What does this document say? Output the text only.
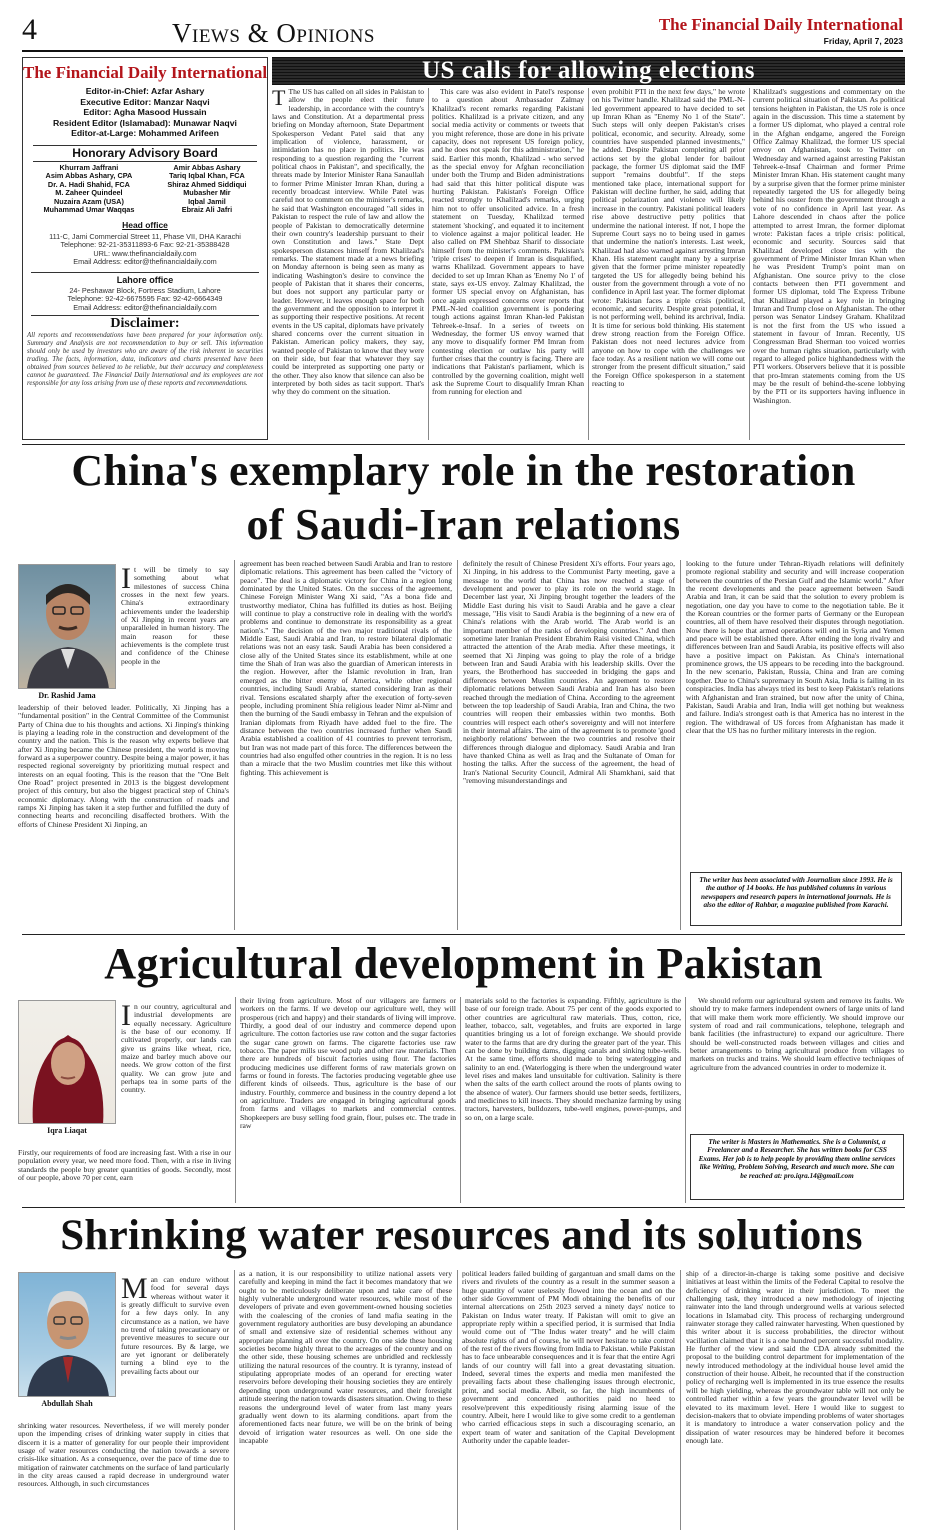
4	Views & Opinions	The Financial Daily International
Friday, April 7, 2023
The Financial Daily International
Editor-in-Chief: Azfar Ashary
Executive Editor: Manzar Naqvi
Editor: Agha Masood Hussain
Resident Editor (Islamabad): Munawar Naqvi
Editor-at-Large: Mohammed Arifeen
Honorary Advisory Board
Khurram Jaffrani
Asim Abbas Ashary, CPA
Dr. A. Hadi Shahid, FCA
M. Zaheer Quindeel
Nuzaira Azam (USA)
Muhammad Umar Waqqas
Amir Abbas Ashary
Tariq Iqbal Khan, FCA
Shiraz Ahmed Siddiqui
Mubasher Mir
Iqbal Jamil
Ebraiz Ali Jafri
Head office
111-C, Jami Commercial Street 11, Phase VII, DHA Karachi
Telephone: 92-21-35311893-6 Fax: 92-21-35388428
URL: www.thefinancialdaily.com
Email Address: editor@thefinancialdaily.com
Lahore office
24- Peshawar Block, Fortress Stadium, Lahore
Telephone: 92-42-6675595 Fax: 92-42-6664349
Email Address: editor@thefinancialdaily.com
Disclaimer:
All reports and recommendations have been prepared for your information only. Summary and Analysis are not recommendation to buy or sell. This information should only be used by investors who are aware of the risk inherent in securities trading. The facts, information, data, indicators and charts presented have been obtained from sources believed to be reliable, but their accuracy and completeness cannot be guaranteed. The Financial Daily International and its employees are not responsible for any loss arising from use of these reports and recommendations.
US calls for allowing elections

T The US has called on all sides in Pakistan to allow the people elect their future leadership, in accordance with the country's laws and Constitution. At a departmental press briefing on Monday afternoon, State Department Spokesperson Vedant Patel said that any implication of violence, harassment, or intimidation has no place in politics. He was responding to a question regarding the "current political chaos in Pakistan", and specifically, the threats made by Interior Minister Rana Sanaullah to former Prime Minister Imran Khan, during a recently broadcast interview. While Patel was careful not to comment on the minister's remarks, he said that Washington encouraged "all sides in Pakistan to respect the rule of law and allow the people of Pakistan to democratically determine their own country's leadership pursuant to their own Constitution and laws." State Dept spokesperson distances himself from Khalilzad's remarks. The statement made at a news briefing on Monday afternoon is being seen as many as indicating Washington's desire to convince the people of Pakistan that it shares their concerns, but does not support any particular party or leader. However, it leaves enough space for both the government and the opposition to interpret it as supporting their respective positions. At recent events in the US capital, diplomats have privately shared concerns over the current situation in Pakistan. American policy makers, they say, wanted people of Pakistan to know that they were on their side, but fear that whatever they say could be interpreted as supporting one party or the other. They also know that silence can also be interpreted by both sides as tacit support. That's why they do comment on the situation.

This care was also evident in Patel's response to a question about Ambassador Zalmay Khalilzad's recent remarks regarding Pakistani politics. Khalilzad is a private citizen, and any social media activity or comments or tweets that you might reference, those are done in his private capacity, does not represent US foreign policy, and he does not speak for this administration," he said. Earlier this month, Khalilzad - who served as the special envoy for Afghan reconciliation under both the Trump and Biden administrations had said that this hitter political dispute was hurting Pakistan. Pakistan's Foreign Office reacted strongly to Khalilzad's remarks, urging him not to offer unsolicited advice. In a fresh statement on Tuesday, Khalilzad termed statement 'shocking', and equated it to incitement to violence against a major political leader. He also called on PM Shehbaz Sharif to dissociate himself from the minister's comments. Pakistan's 'triple crises' to deepen if Imran is disqualified, warns Khalilzad. Government appears to have decided to set up Imran Khan as 'Enemy No 1' of state, says ex-US envoy. Zalmay Khalilzad, the former US special envoy on Afghanistan, has once again expressed concerns over reports that PML-N-led coalition government is pondering tough actions against Imran Khan-led Pakistan Tehreek-e-Insaf. In a series of tweets on Wednesday, the former US envoy warned that any move to disqualify former PM Imran from contesting election or outlaw his party will further crises that the country is facing. There are indications that Pakistan's parliament, which is controlled by the governing coalition, might well ask the Supreme Court to disqualify Imran Khan from running for election and

even prohibit PTI in the next few days," he wrote on his Twitter handle. Khalilzad said the PML-N-led government appeared to have decided to set up Imran Khan as "Enemy No 1 of the State". Such steps will only deepen Pakistan's crises political, economic, and security. Already, some countries have suspended planned investments," he added. Despite Pakistan completing all prior actions set by the global lender for bailout package, the former US diplomat said the IMF support "remains doubtful". If the steps mentioned take place, international support for Pakistan will decline further, he said, adding that political polarization and violence will likely increase in the country. Pakistani political leaders rise above destructive petty politics that undermine the national interest. If not, I hope the Supreme Court says no to being used in games that undermine the nation's interests. Last week, Khalilzad had also warned against arresting Imran Khan. His statement caught many by a surprise given that the former prime minister repeatedly targeted the US for allegedly being behind his ouster from the government through a vote of no confidence in April last year. The former diplomat wrote: Pakistan faces a triple crisis (political, economic, and security. Despite great potential, it is not performing well, behind its archrival, India. It is time for serious bold thinking. His statement drew strong reaction from the Foreign Office. Pakistan does not need lectures advice from anyone on how to cope with the challenges we face today. As a resilient nation we will come out stronger from the present difficult situation," said the Foreign Office spokesperson in a statement reacting to

Khalilzad's suggestions and commentary on the current political situation of Pakistan. As political tensions heighten in Pakistan, the US role is once again in the discussion. This time a statement by a former US diplomat, who played a central role in the Afghan endgame, angered the Foreign Office Zalmay Khalilzad, the former US special envoy on Afghanistan, took to Twitter on Wednesday and warned against arresting Pakistan Tehreek-e-Insaf Chairman and former Prime Minister Imran Khan. His statement caught many by a surprise given that the former prime minister repeatedly targeted the US for allegedly being behind his ouster from the government through a vote of no confidence in April last year. As Lahore descended in chaos after the police attempted to arrest Imran, the former diplomat wrote: Pakistan faces a triple crisis: political, economic and security. Sources said that Khalilzad developed close ties with the government of Prime Minister Imran Khan when he was President Trump's point man on Afghanistan. One source privy to the close contacts between then PTI government and former US diplomat, told The Express Tribune that Khalilzad played a key role in bringing Imran and Trump close on Afghanistan. The other person was Senator Lindsey Graham. Khalilzad is not the first from the US who issued a statement in favour of Imran. Recently, US Congressman Brad Sherman too voiced worries over the human rights situation, particularly with regard to alleged police highhandedness with the PTI workers. Observers believe that it is possible that pro-Imran statements coming from the US may be the result of behind-the-scene lobbying by the PTI or its supporters having influence in Washington.

China's exemplary role in the restoration
of Saudi-Iran relations
Dr. Rashid Jama

It will be timely to say something about what milestones of success China crosses in the next few years. China's extraordinary achievements under the leadership of Xi Jinping in recent years are unparalleled in human history. The main reason for these achievements is the complete trust and confidence of the Chinese people in the

leadership of their beloved leader. Politically, Xi Jinping has a "fundamental position" in the Central Committee of the Communist Party of China due to his thoughts and actions. Xi Jinping's thinking is playing a leading role in the construction and development of the country and the nation. This is the reason why experts believe that after Xi Jinping became the Chinese president, the world is moving forward as a superpower country. Despite being a major power, it has respected regional sovereignty by prioritizing mutual respect and interests on an equal footing. This is the reason that the "One Belt One Road" project presented in 2013 is the biggest development project of this century, but also the biggest practical step of China's economic diplomacy. Along with the construction of roads and ramps Xi Jinping has taken it a step further and fulfilled the duty of connecting hearts and reconciling disaffected brothers. With the efforts of Chinese President Xi Jinping, an

agreement has been reached between Saudi Arabia and Iran to restore diplomatic relations. This agreement has been called the "victory of peace". The deal is a diplomatic victory for China in a region long dominated by the United States. On the success of the agreement, Chinese Foreign Minister Wang Xi said, "As a bona fide and trustworthy mediator, China has fulfilled its duties as host. Beijing will continue to play a constructive role in dealing with the world's problems and continue to demonstrate its responsibility as a great nation's." The decision of the two major traditional rivals of the Middle East, Saudi Arabia and Iran, to restore bilateral diplomatic relations was not an easy task. Saudi Arabia has been considered a close ally of the United States since its establishment, while at one time the Shah of Iran was also the guardian of American interests in the region. However, after the Islamic revolution in Iran, Iran emerged as the bitter enemy of America, while other regional countries, including Saudi Arabia, started considering Iran as their rival. Tensions escalated sharply after the execution of forty-seven people, including prominent Shia religious leader Nimr al-Nimr and then the burning of the Saudi embassy in Tehran and the expulsion of Iranian diplomats from Riyadh have added fuel to the fire. The distance between the two countries increased further when Saudi Arabia established a coalition of 41 countries to prevent terrorism, but Iran was not made part of this force. The differences between the countries had also engulfed other countries in the region. It is no less than a miracle that the two Muslim countries met like this without fighting. This achievement is

definitely the result of Chinese President Xi's efforts. Four years ago, Xi Jinping, in his address to the Communist Party meeting, gave a message to the world that China has now reached a stage of development and power to play its role on the world stage. In December last year, Xi Jinping brought together the leaders of the Middle East during his visit to Saudi Arabia and he gave a clear message, "His visit to Saudi Arabia is the beginning of a new era of China's relations with the Arab world. The Arab world is an important member of the ranks of developing countries." And then sometime later Iranian President Ebrahim Raisi visited China, which attracted the attention of the Arab media. After these meetings, it seemed that Xi Jinping was going to play the role of a bridge between Iran and Saudi Arabia with his leadership skills. Over the years, the Brotherhood has succeeded in bridging the gaps and differences between Muslim countries. An agreement to restore diplomatic relations between Saudi Arabia and Iran has also been reached through the mediation of China. According to the agreement between the top leadership of Saudi Arabia, Iran and China, the two countries will reopen their embassies within two months. Both countries will respect each other's sovereignty and will not interfere in their internal affairs. The aim of the agreement is to promote 'good neighborly relations' between the two countries and resolve their differences through dialogue and diplomacy. Saudi Arabia and Iran have thanked China as well as Iraq and the Sultanate of Oman for hosting the talks. After the success of the agreement, the head of Iran's National Security Council, Admiral Ali Shamkhani, said that "removing misunderstandings and

looking to the future under Tehran-Riyadh relations will definitely promote regional stability and security and will increase cooperation between the countries of the Persian Gulf and the Islamic world." After the recent developments and the peace agreement between Saudi Arabia and Iran, it can be said that the solution to every problem is negotiation, one day you have to come to the negotiation table. Be it the Korean countries or the former parts of Germany or the European countries, all of them have resolved their disputes through negotiation. Now there is hope that armed operations will end in Syria and Yemen and peace will be established there. After ending the long rivalry and differences between Iran and Saudi Arabia, its positive effects will also have a positive impact on Pakistan. As China's international prominence grows, the US appears to be receding into the background. In the new scenario, Pakistan, Russia, China and Iran are coming together. Due to China's supremacy in South Asia, India is failing in its conspiracies. India has always tried its best to keep Pakistan's relations with Afghanistan and Iran strained, but now after the unity of China, Pakistan, Saudi Arabia and Iran, India will get nothing but weakness and failure. India's strongest oath is that America has no interest in the region. The withdrawal of US forces from Afghanistan has made it clear that the US has no further military interests in the region.

The writer has been associated with Journalism since 1993. He is the author of 14 books. He has published columns in various newspapers and research papers in international journals. He is also the editor of Rahbar, a magazine published from Karachi.
Agricultural development in Pakistan
Iqra Liaqat

In our country, agricultural and industrial developments are equally necessary. Agriculture is the base of our economy. If cultivated properly, our lands can give us grains like wheat, rice, maize and barley much above our needs. We grow cotton of the first quality. We can grow jute and perhaps tea in some parts of the country.

Firstly, our requirements of food are increasing fast. With a rise in our population every year, we need more food. Then, with a rise in living standards the people buy greater quantities of goods. Secondly, most of our people, above 70 per cent, earn

their living from agriculture. Most of our villagers are farmers or workers on the farms. If we develop our agriculture well, they will prosperous (rich and happy) and their standards of living will improve. Thirdly, a good deal of our industry and commerce depend upon agriculture. The cotton factories use raw cotton and the sugar factories the sugar cane grown on farms. The cigarette factories use raw tobacco. The paper mills use wood pulp and other raw materials. Then there are hundreds of biscuit factories using flour. The factories producing medicines use different forms of raw materials grown on farms or found in forests. The factories producing vegetable ghee use different kinds of oilseeds. Thus, agriculture is the base of our industry. Fourthly, commerce and business in the country depend a lot on agriculture. Traders are engaged in bringing agricultural goods from farms and villages to markets and commercial centres. Shopkeepers are busy selling food grain, flour, pulses etc. The trade in raw

materials sold to the factories is expanding. Fifthly, agriculture is the base of our foreign trade. About 75 per cent of the goods exported to other countries are agricultural raw materials. Thus, cotton, rice, leather, tobacco, salt, vegetables, and fruits are exported in large quantities bringing us a lot of foreign exchange. We should provide water to the farms that are dry during the greater part of the year. This can be done by building dams, digging canals and sinking tube-wells. At the same time, efforts should made to bring waterlogging and salinity to an end. (Waterlogging is there when the underground water level rises and makes land unsuitable for cultivation. Salinity is there when the salts of the earth collect around the roots of plants owing to the absence of water). Our farmers should use better seeds, fertilizers, and medicines to kill insects. They should mechanize farming by using tractors, harvesters, bulldozers, tube-well engines, power-pumps, and so on, on a large scale.

We should reform our agricultural system and remove its faults. We should try to make farmers independent owners of large units of land that will make them work more efficiently. We should improve our system of road and rail communications, telephone, telegraph and bank facilities (the infrastructure) to expand our agriculture. There should be well-constructed roads between villages and cities and better arrangements to bring agricultural produce from villages to markets on trucks and trains. We should learn effective techniques of agriculture from the advanced countries in order to modernize it.

The writer is Masters in Mathematics. She is a Columnist, a Freelancer and a Researcher. She has written books for CSS Exams. Her job is to help people by providing them online services like Writing, Problem Solving, Research and much more. She can be reached at: pro.iqra.14@gmail.com
Shrinking water resources and its solutions
Abdullah Shah

Man can endure without food for several days whereas without water it is greatly difficult to survive even for a few days only. In any circumstance as a nation, we have no trend of taking precautionary or preventive measures to secure our future resources. By & large, we are yet ignorant or deliberately turning a blind eye to the prevailing facts about our

shrinking water resources. Nevertheless, if we will merely ponder upon the impending crises of drinking water supply in cities that discern it is a matter of generality for our people their improvident usage of water resources conducting the nation towards a severe crisis-like situation. As a consequence, over the pace of time due to mitigation of rainwater catchments on the surface of land particularly in the city areas caused a rapid decrease in underground water resources. Although, in such circumstances

as a nation, it is our responsibility to utilize national assets very carefully and keeping in mind the fact it becomes mandatory that we ought to be meticulously deliberate upon and take care of these highly vulnerable underground water resources, while most of the developers of private and even government-owned housing societies with the coalescing of the cronies of land mafia seating in the government regulatory authorities are busy developing an abundance of small and extensive size of residential schemes without any appropriate planning all over the country. On one side these housing societies become highly threat to the acreages of the country and on the other side, these housing schemes are unbridled and recklessly utilizing the natural resources of the country. It is tyranny, instead of stipulating appropriate modes of an operand for erecting water reservoirs before developing their housing societies they are entirely depending upon underground water resources, and their foresight attitude steering the nation towards disasters situation. Owing to these reasons the underground level of water from last many years gradually went down to its alarming conditions. apart from the aforementioned facts near future, we will be on the brink of being devoid of irrigation water resources as well. On one side the incapable

political leaders failed building of gargantuan and small dams on the rivers and rivulets of the country as a result in the summer season a huge quantity of water uselessly flowed into the ocean and on the other side Government of PM Modi obtaining the benefits of our internal altercations on 25th 2023 served a ninety days' notice to Pakistan on Indus water treaty. If Pakistan will omit to give an appropriate reply within a specified period, it is surmised that India would come out of "The Indus water treaty" and he will claim absolute rights of and of course, he will never hesitate to take control of the rest of the rivers flowing from India to Pakistan. while Pakistan has to face unbearable consequences and it is fear that the entire Agri lands of our country will fall into a great devastating situation. Indeed, several times the experts and media men manifested the prevailing facts about these challenging issues through electronic, print, and social media. Albeit, so far, the high incumbents of government and concerned authorities paid no heed to resolve/prevent this expeditiously rising alarming issue of the country. Albeit, here I would like to give some credit to a gentleman who carried efficacious steps in such a discouraging scenario, an expert team of water and sanitation of the Capital Development Authority under the capable leader-

ship of a director-in-charge is taking some positive and decisive initiatives at least within the limits of the Federal Capital to resolve the deficiency of drinking water in their jurisdiction. To meet the challenging task, they introduced a new methodology of injecting rainwater into the land through underground wells at various selected locations in Islamabad city. This process of recharging underground rainwater storage they called rainwater harvesting. When questioned by this writer about it is success probabilities, the director without vacillation claimed that it is a one hundred percent successful modality. He further of the view and said the CDA already submitted the proposal to the building control department for implementation of the newly introduced methodology at the individual house level amid the construction of their house. Albeit, he recounted that if the construction policy of recharging well is implemented in its true essence the results will be high yielding, whereas the groundwater table will not only be controlled rather within a few years the groundwater level will be elevated to its maximum level. Here I would like to suggest to decision-makers that to obviate impending problems of water shortages it is mandatory to introduce a water conservation policy and the dissipation of water resources may be hindered before it becomes enough late.
